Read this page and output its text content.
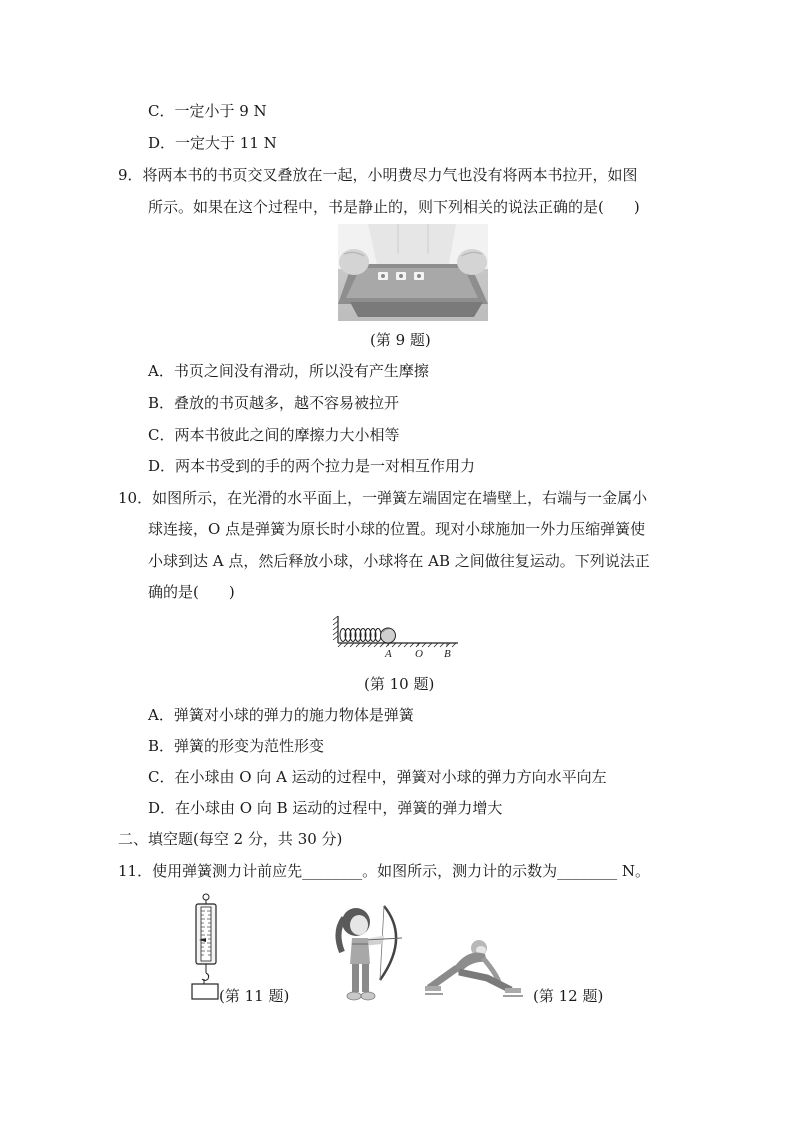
C．一定小于 9 N
D．一定大于 11 N
9．将两本书的书页交叉叠放在一起，小明费尽力气也没有将两本书拉开，如图
所示。如果在这个过程中，书是静止的，则下列相关的说法正确的是(　　)
(第 9 题)
A．书页之间没有滑动，所以没有产生摩擦
B．叠放的书页越多，越不容易被拉开
C．两本书彼此之间的摩擦力大小相等
D．两本书受到的手的两个拉力是一对相互作用力
10．如图所示，在光滑的水平面上，一弹簧左端固定在墙壁上，右端与一金属小
球连接，O 点是弹簧为原长时小球的位置。现对小球施加一外力压缩弹簧使
小球到达 A 点，然后释放小球，小球将在 AB 之间做往复运动。下列说法正
确的是(　　)
A O B
(第 10 题)
A．弹簧对小球的弹力的施力物体是弹簧
B．弹簧的形变为范性形变
C．在小球由 O 向 A 运动的过程中，弹簧对小球的弹力方向水平向左
D．在小球由 O 向 B 运动的过程中，弹簧的弹力增大
二、填空题(每空 2 分，共 30 分)
11．使用弹簧测力计前应先________。如图所示，测力计的示数为________ N。
(第 11 题)	(第 12 题)
